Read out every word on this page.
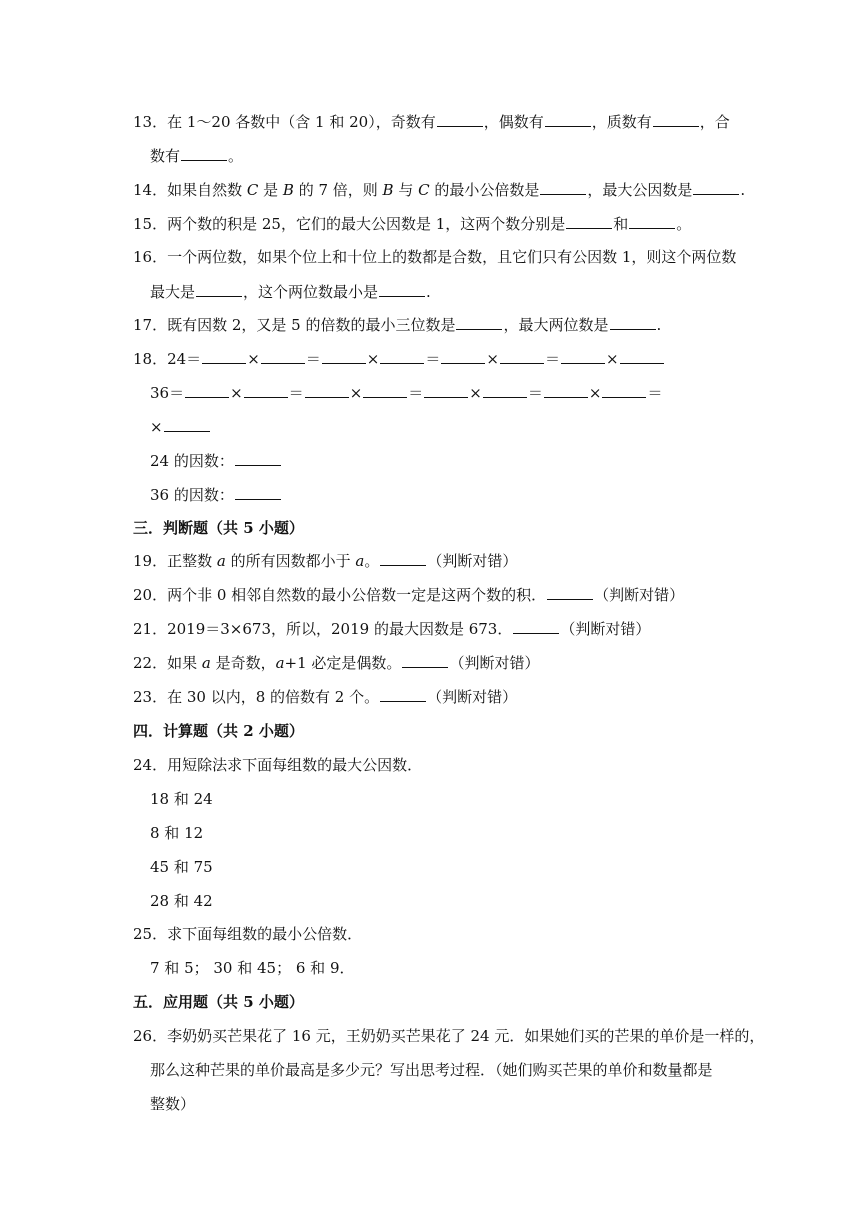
13．在 1～20 各数中（含 1 和 20），奇数有	，偶数有	，质数有	，合
数有	。
14．如果自然数 C 是 B 的 7 倍，则 B 与 C 的最小公倍数是	，最大公因数是	.
15．两个数的积是 25，它们的最大公因数是 1，这两个数分别是	和	。
16．一个两位数，如果个位上和十位上的数都是合数，且它们只有公因数 1，则这个两位数
最大是	，这个两位数最小是	.
17．既有因数 2，又是 5 的倍数的最小三位数是	，最大两位数是	.
18．24＝	×	＝	×	＝	×	＝	×
36＝	×	＝	×	＝	×	＝	×	＝
×
24 的因数：
36 的因数：
三．判断题（共 5 小题）
19．正整数 a 的所有因数都小于 a。	（判断对错）
20．两个非 0 相邻自然数的最小公倍数一定是这两个数的积．	（判断对错）
21．2019＝3×673，所以，2019 的最大因数是 673．	（判断对错）
22．如果 a 是奇数，a+1 必定是偶数。	（判断对错）
23．在 30 以内，8 的倍数有 2 个。	（判断对错）
四．计算题（共 2 小题）
24．用短除法求下面每组数的最大公因数．
18 和 24
8 和 12
45 和 75
28 和 42
25．求下面每组数的最小公倍数．
7 和 5； 30 和 45； 6 和 9．
五．应用题（共 5 小题）
26．李奶奶买芒果花了 16 元，王奶奶买芒果花了 24 元．如果她们买的芒果的单价是一样的，
那么这种芒果的单价最高是多少元？写出思考过程．（她们购买芒果的单价和数量都是
整数）
